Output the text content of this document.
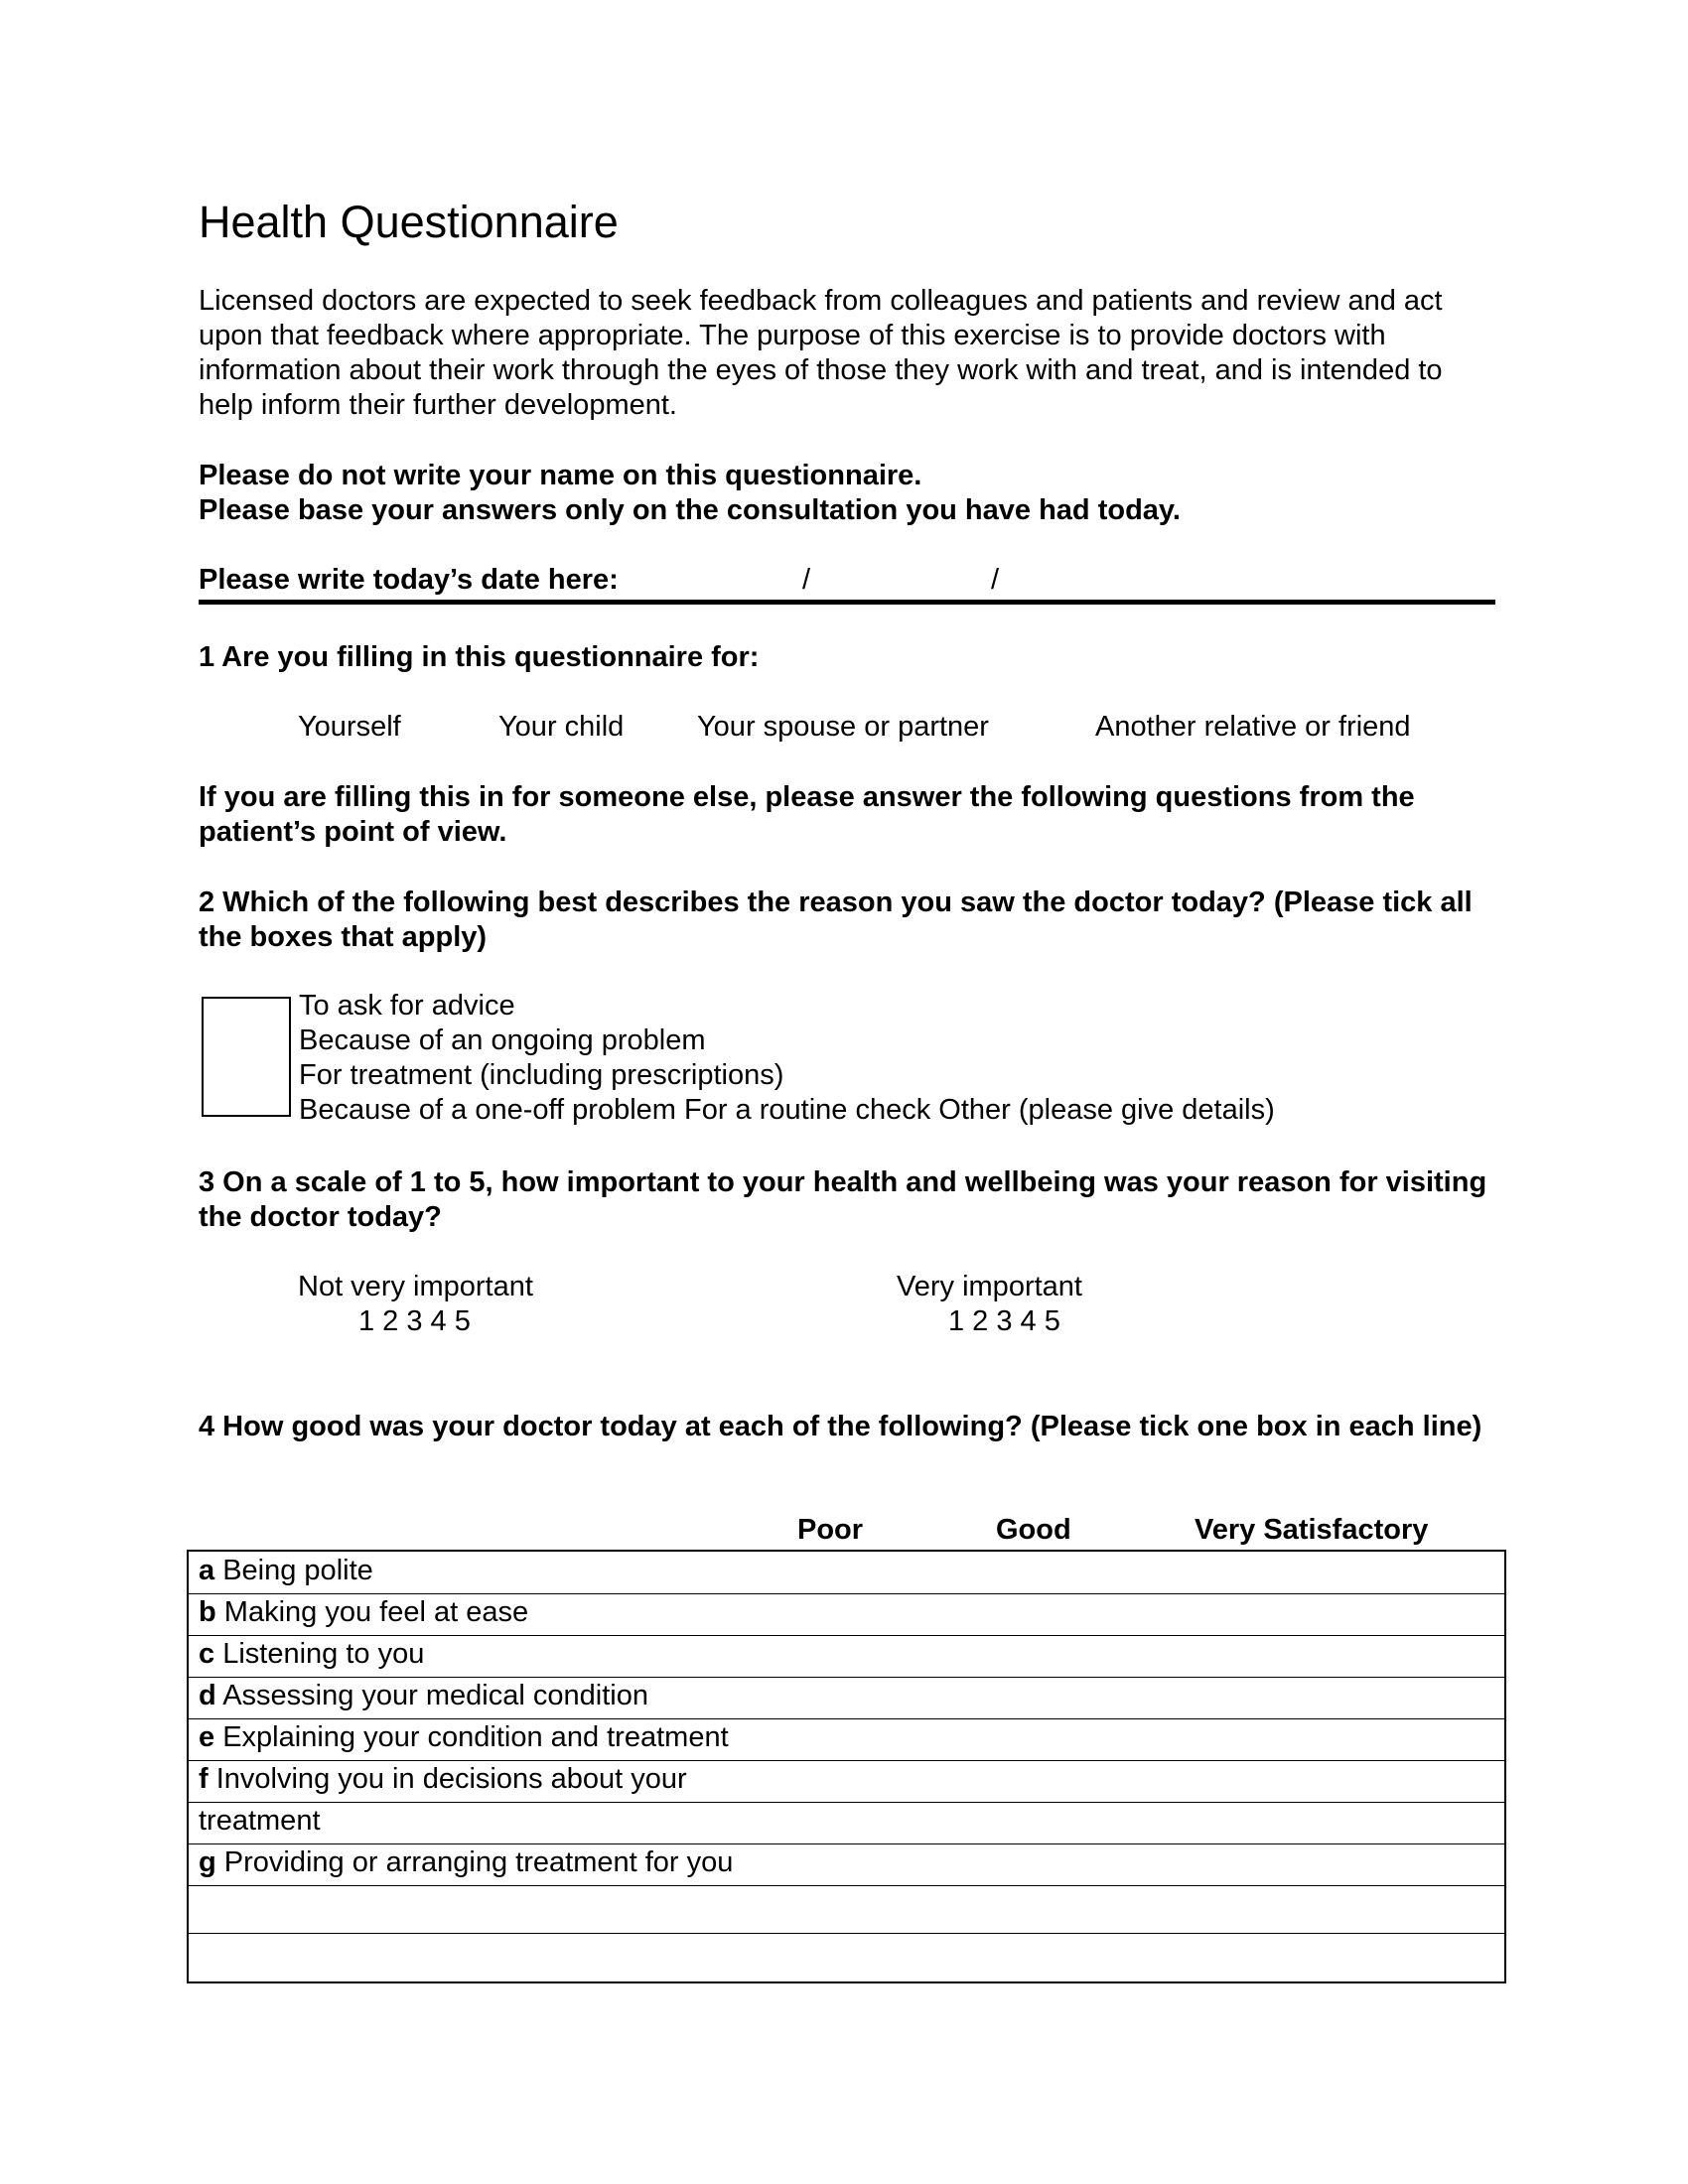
Health Questionnaire
Licensed doctors are expected to seek feedback from colleagues and patients and review and act upon that feedback where appropriate. The purpose of this exercise is to provide doctors with information about their work through the eyes of those they work with and treat, and is intended to help inform their further development.
Please do not write your name on this questionnaire.
Please base your answers only on the consultation you have had today.
Please write today’s date here:	/	/
1 Are you filling in this questionnaire for:
Yourself	Your child	Your spouse or partner	Another relative or friend
If you are filling this in for someone else, please answer the following questions from the patient’s point of view.
2 Which of the following best describes the reason you saw the doctor today? (Please tick all the boxes that apply)
To ask for advice
Because of an ongoing problem
For treatment (including prescriptions)
Because of a one-off problem For a routine check Other (please give details)
3 On a scale of 1 to 5, how important to your health and wellbeing was your reason for visiting the doctor today?
Not very important
1 2 3 4 5
Very important
1 2 3 4 5
4 How good was your doctor today at each of the following? (Please tick one box in each line)
Poor	Good	Very Satisfactory
a Being polite
b Making you feel at ease
c Listening to you
d Assessing your medical condition
e Explaining your condition and treatment
f Involving you in decisions about your
treatment
g Providing or arranging treatment for you
